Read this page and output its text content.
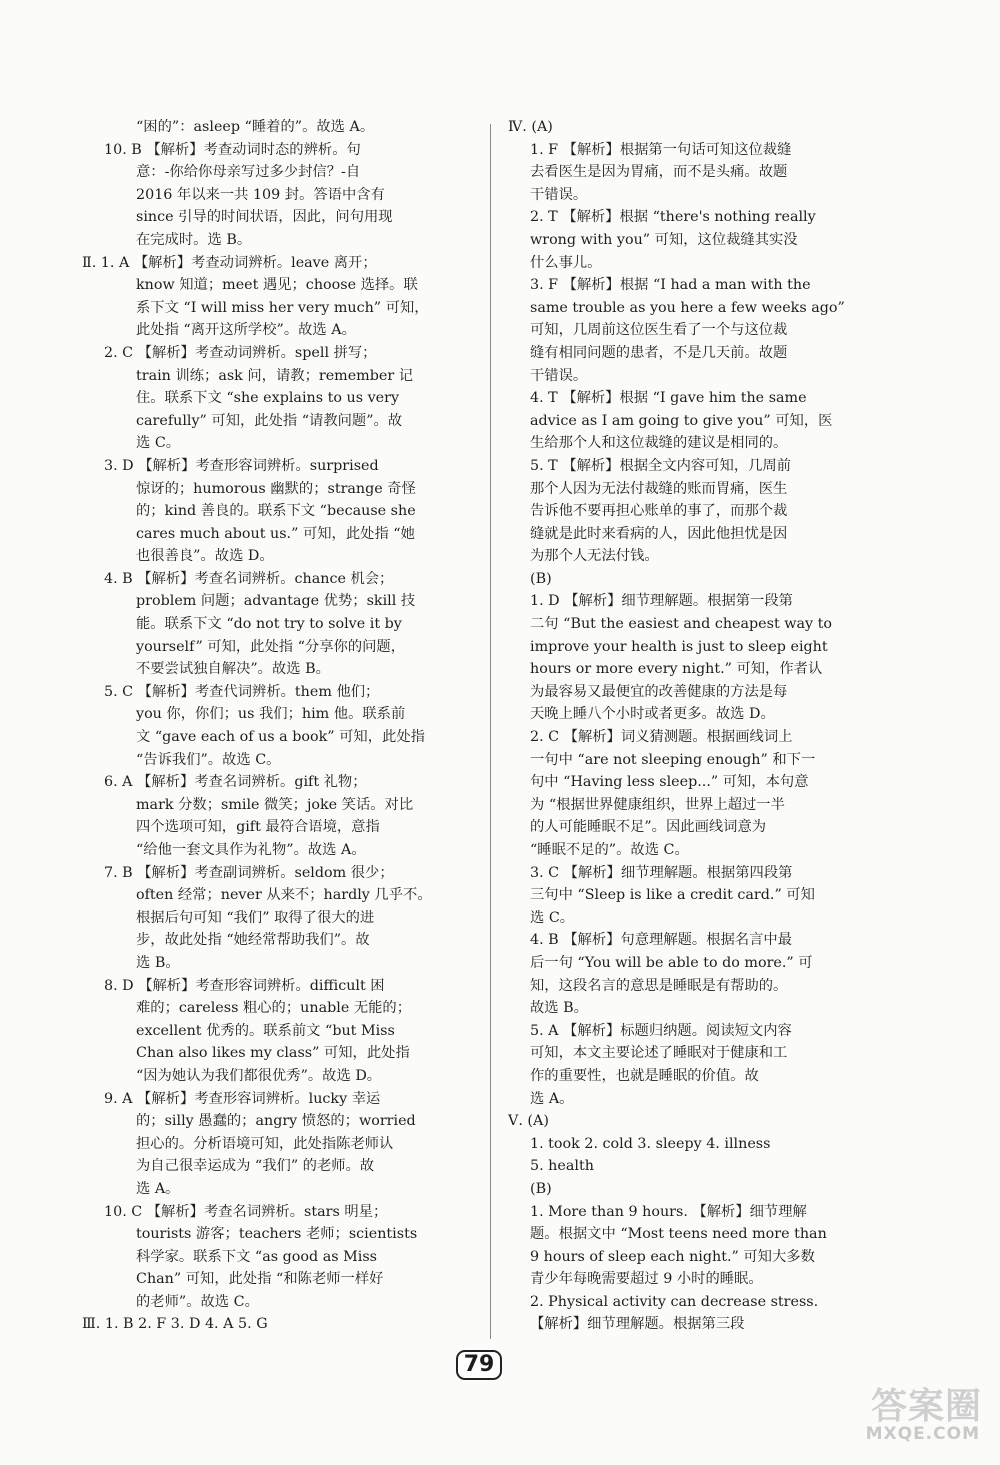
“困的”：asleep “睡着的”。故选 A。
10. B 【解析】考查动词时态的辨析。句
意：-你给你母亲写过多少封信？-自
2016 年以来一共 109 封。答语中含有
since 引导的时间状语，因此，问句用现
在完成时。选 B。
Ⅱ. 1. A 【解析】考查动词辨析。leave 离开；
know 知道；meet 遇见；choose 选择。联
系下文 “I will miss her very much” 可知，
此处指 “离开这所学校”。故选 A。
2. C 【解析】考查动词辨析。spell 拼写；
train 训练；ask 问，请教；remember 记
住。联系下文 “she explains to us very
carefully” 可知，此处指 “请教问题”。故
选 C。
3. D 【解析】考查形容词辨析。surprised
惊讶的；humorous 幽默的；strange 奇怪
的；kind 善良的。联系下文 “because she
cares much about us.” 可知，此处指 “她
也很善良”。故选 D。
4. B 【解析】考查名词辨析。chance 机会；
problem 问题；advantage 优势；skill 技
能。联系下文 “do not try to solve it by
yourself” 可知，此处指 “分享你的问题，
不要尝试独自解决”。故选 B。
5. C 【解析】考查代词辨析。them 他们；
you 你，你们；us 我们；him 他。联系前
文 “gave each of us a book” 可知，此处指
“告诉我们”。故选 C。
6. A 【解析】考查名词辨析。gift 礼物；
mark 分数；smile 微笑；joke 笑话。对比
四个选项可知，gift 最符合语境，意指
“给他一套文具作为礼物”。故选 A。
7. B 【解析】考查副词辨析。seldom 很少；
often 经常；never 从来不；hardly 几乎不。
根据后句可知 “我们” 取得了很大的进
步，故此处指 “她经常帮助我们”。故
选 B。
8. D 【解析】考查形容词辨析。difficult 困
难的；careless 粗心的；unable 无能的；
excellent 优秀的。联系前文 “but Miss
Chan also likes my class” 可知，此处指
“因为她认为我们都很优秀”。故选 D。
9. A 【解析】考查形容词辨析。lucky 幸运
的；silly 愚蠢的；angry 愤怒的；worried
担心的。分析语境可知，此处指陈老师认
为自己很幸运成为 “我们” 的老师。故
选 A。
10. C 【解析】考查名词辨析。stars 明星；
tourists 游客；teachers 老师；scientists
科学家。联系下文 “as good as Miss
Chan” 可知，此处指 “和陈老师一样好
的老师”。故选 C。
Ⅲ. 1. B 2. F 3. D 4. A 5. G
Ⅳ. (A)
1. F 【解析】根据第一句话可知这位裁缝
去看医生是因为胃痛，而不是头痛。故题
干错误。
2. T 【解析】根据 “there's nothing really
wrong with you” 可知，这位裁缝其实没
什么事儿。
3. F 【解析】根据 “I had a man with the
same trouble as you here a few weeks ago”
可知，几周前这位医生看了一个与这位裁
缝有相同问题的患者，不是几天前。故题
干错误。
4. T 【解析】根据 “I gave him the same
advice as I am going to give you” 可知，医
生给那个人和这位裁缝的建议是相同的。
5. T 【解析】根据全文内容可知，几周前
那个人因为无法付裁缝的账而胃痛，医生
告诉他不要再担心账单的事了，而那个裁
缝就是此时来看病的人，因此他担忧是因
为那个人无法付钱。
(B)
1. D 【解析】细节理解题。根据第一段第
二句 “But the easiest and cheapest way to
improve your health is just to sleep eight
hours or more every night.” 可知，作者认
为最容易又最便宜的改善健康的方法是每
天晚上睡八个小时或者更多。故选 D。
2. C 【解析】词义猜测题。根据画线词上
一句中 “are not sleeping enough” 和下一
句中 “Having less sleep...” 可知，本句意
为 “根据世界健康组织，世界上超过一半
的人可能睡眠不足”。因此画线词意为
“睡眠不足的”。故选 C。
3. C 【解析】细节理解题。根据第四段第
三句中 “Sleep is like a credit card.” 可知
选 C。
4. B 【解析】句意理解题。根据名言中最
后一句 “You will be able to do more.” 可
知，这段名言的意思是睡眠是有帮助的。
故选 B。
5. A 【解析】标题归纳题。阅读短文内容
可知，本文主要论述了睡眠对于健康和工
作的重要性，也就是睡眠的价值。故
选 A。
Ⅴ. (A)
1. took 2. cold 3. sleepy 4. illness
5. health
(B)
1. More than 9 hours. 【解析】细节理解
题。根据文中 “Most teens need more than
9 hours of sleep each night.” 可知大多数
青少年每晚需要超过 9 小时的睡眠。
2. Physical activity can decrease stress.
【解析】细节理解题。根据第三段
79
答案圈
MXQE.COM
